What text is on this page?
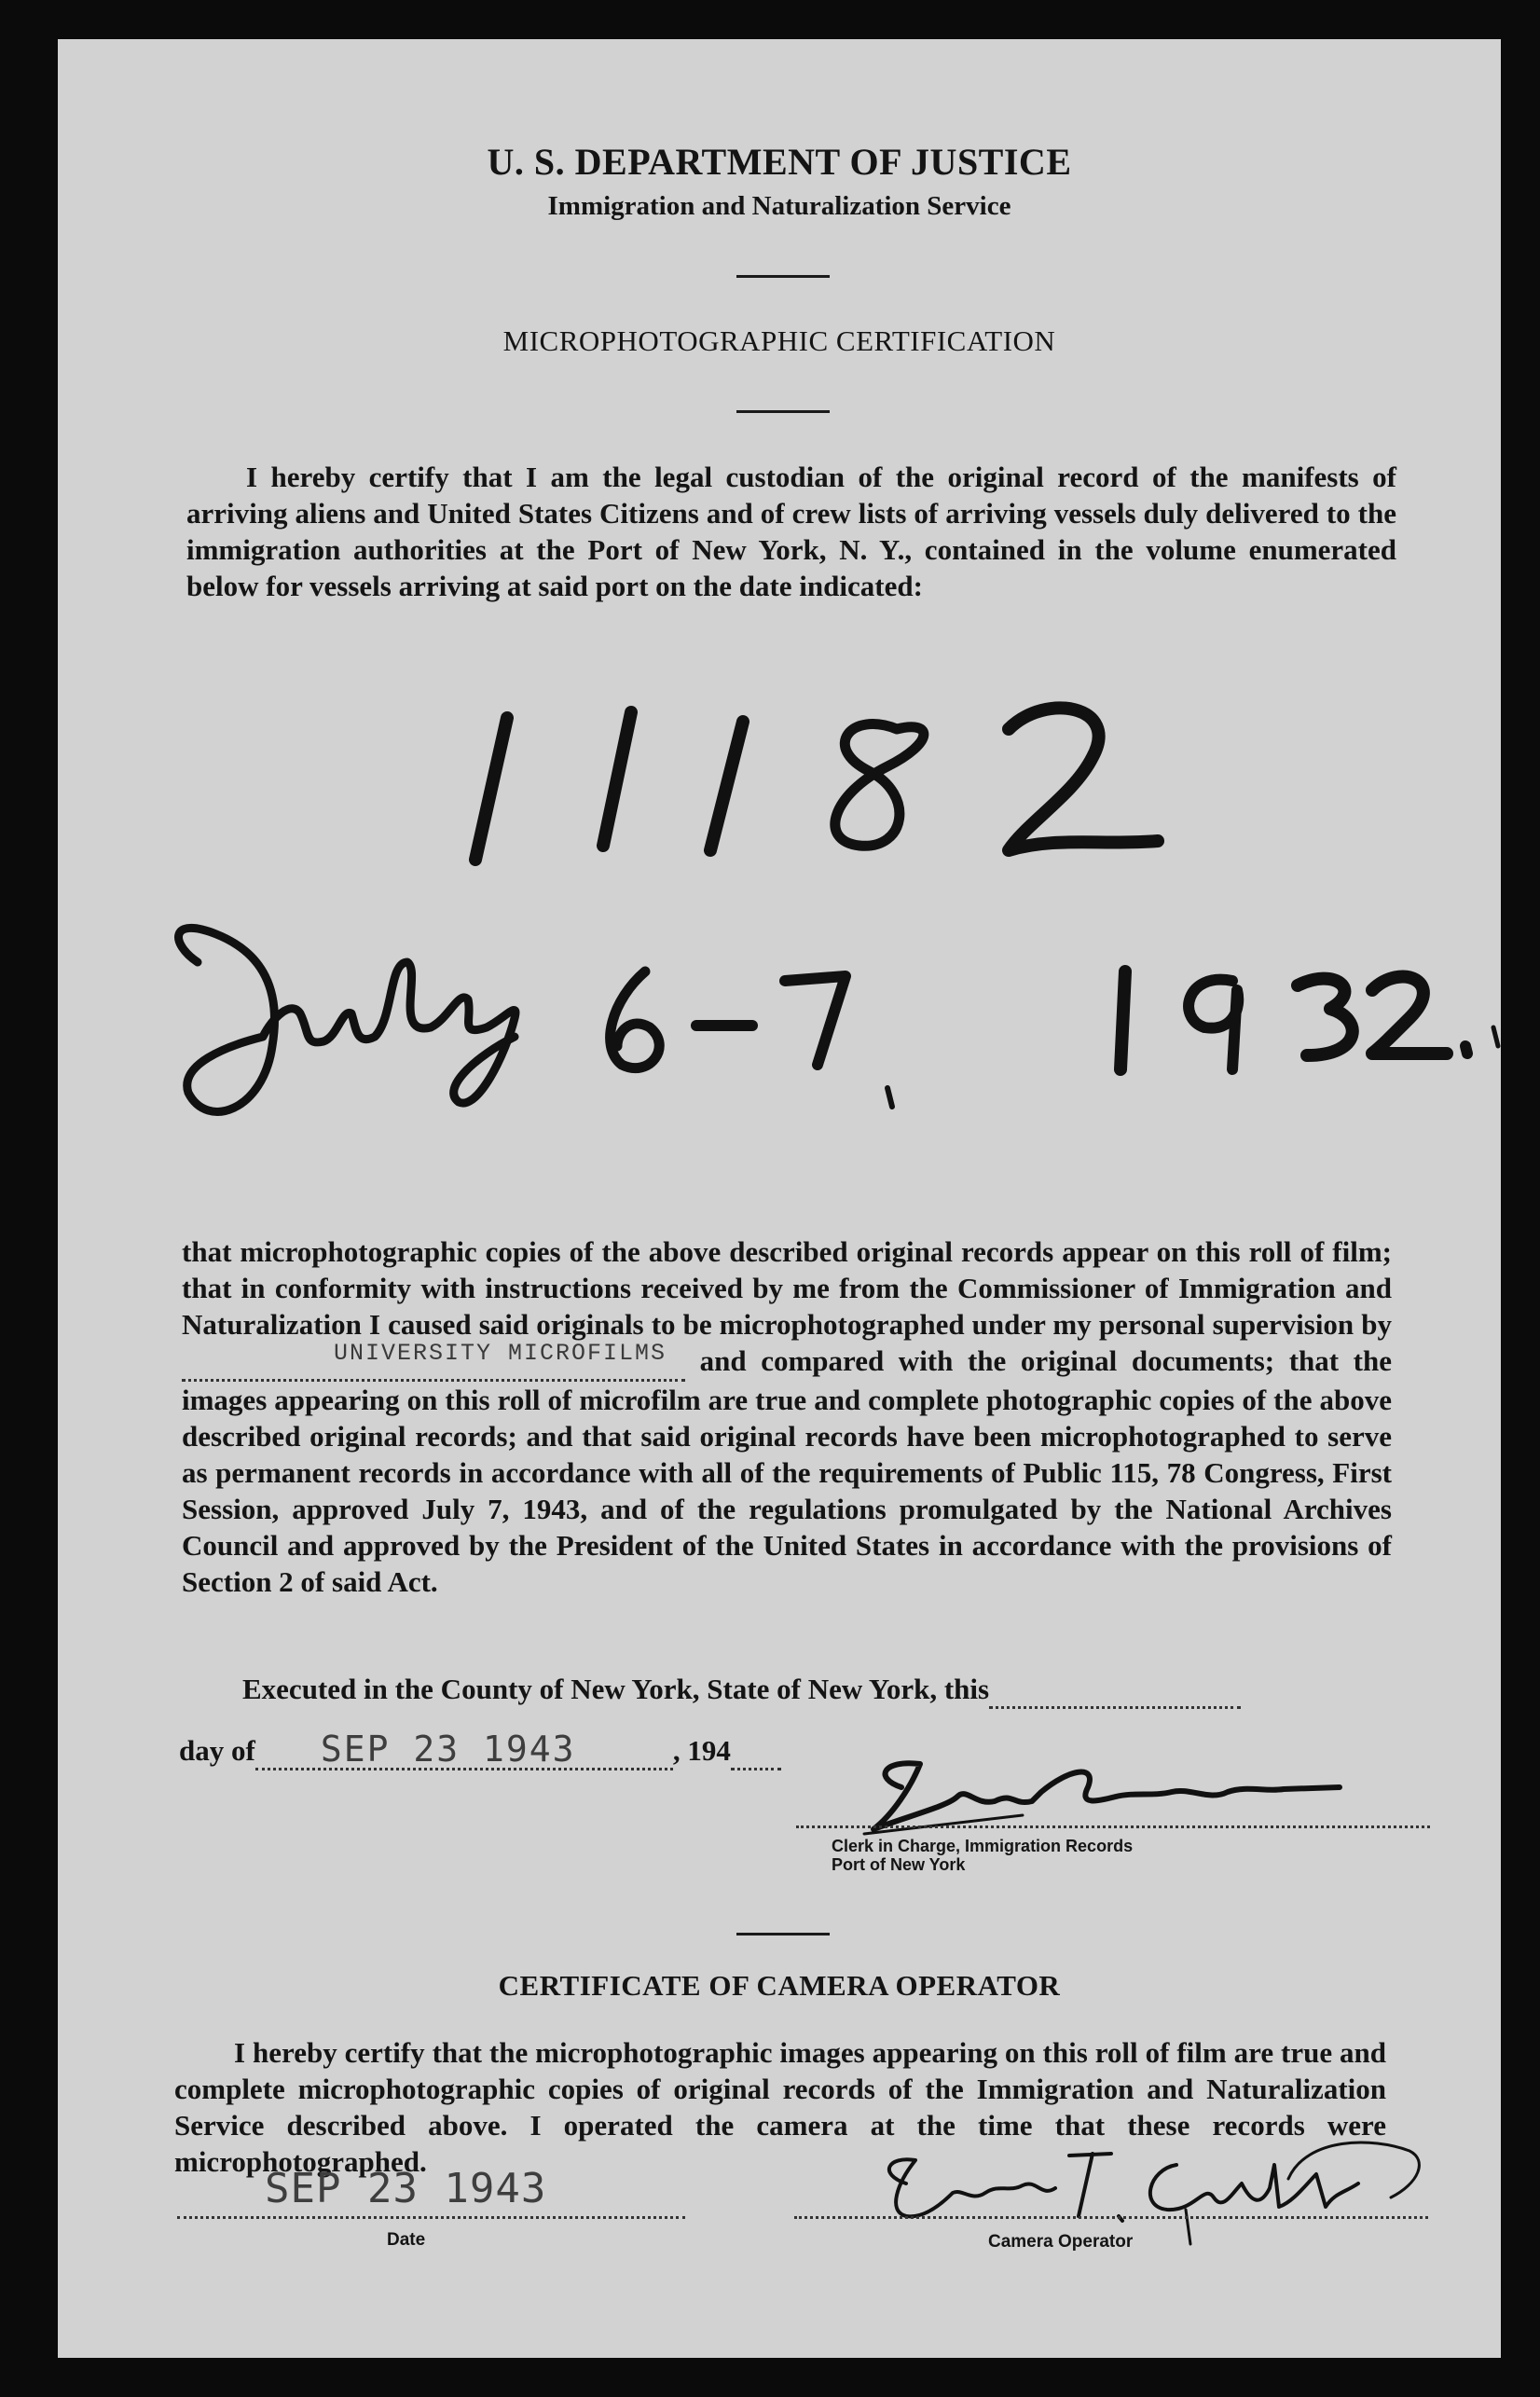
U. S. DEPARTMENT OF JUSTICE
Immigration and Naturalization Service
MICROPHOTOGRAPHIC CERTIFICATION
I hereby certify that I am the legal custodian of the original record of the manifests of arriving aliens and United States Citizens and of crew lists of arriving vessels duly delivered to the immigration authorities at the Port of New York, N. Y., contained in the volume enumerated below for vessels arriving at said port on the date indicated:
that microphotographic copies of the above described original records appear on this roll of film; that in conformity with instructions received by me from the Commissioner of Immigration and Naturalization I caused said originals to be microphotographed under my personal supervision by
UNIVERSITY MICROFILMS and compared with the original documents; that the images appearing on this roll of microfilm are true and complete photographic copies of the above described original records; and that said original records have been microphotographed to serve as permanent records in accordance with all of the requirements of Public 115, 78 Congress, First Session, approved July 7, 1943, and of the regulations promulgated by the National Archives Council and approved by the President of the United States in accordance with the provisions of Section 2 of said Act.
Executed in the County of New York, State of New York, this
day of SEP 23 1943	, 194
Clerk in Charge, Immigration Records
Port of New York
CERTIFICATE OF CAMERA OPERATOR
I hereby certify that the microphotographic images appearing on this roll of film are true and complete microphotographic copies of original records of the Immigration and Naturalization Service described above. I operated the camera at the time that these records were microphotographed.
SEP 23 1943
Date	Camera Operator
